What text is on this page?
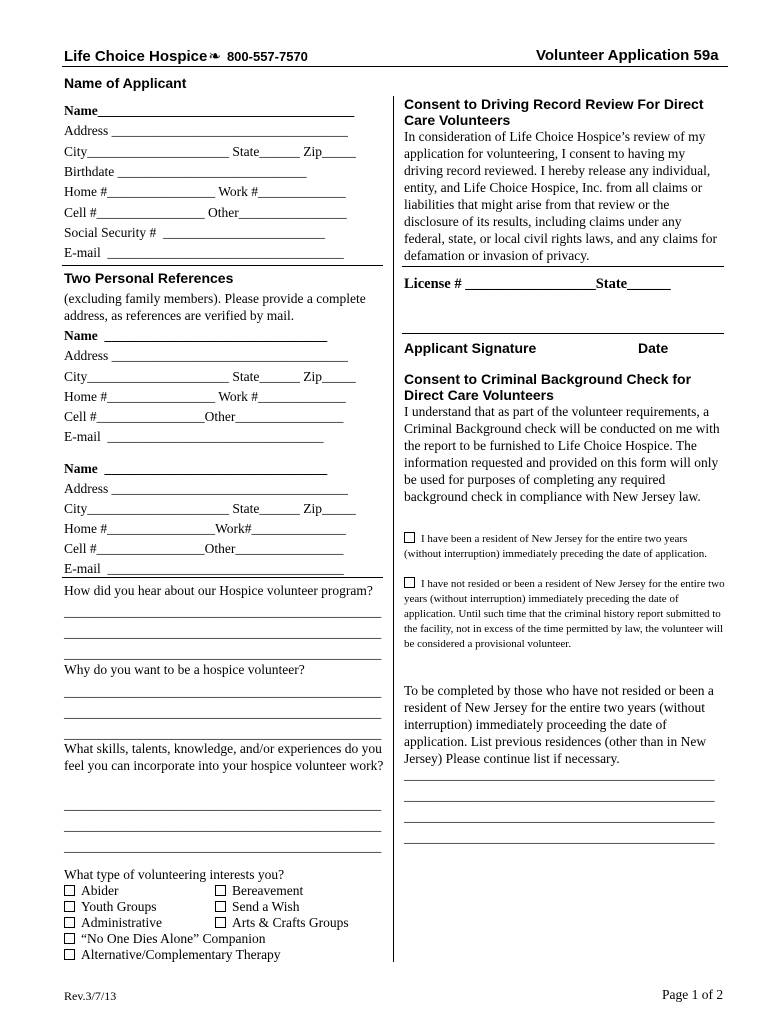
Life Choice Hospice❧ 800-557-7570	Volunteer Application 59a
Name of Applicant
Name______________________________________
Address ___________________________________
City_____________________ State______ Zip_____
Birthdate ____________________________
Home #________________ Work #_____________
Cell #________________ Other________________
Social Security #  ________________________
E-mail  ___________________________________
Two Personal References
(excluding family members). Please provide a complete address, as references are verified by mail.
Name  _________________________________
Address ___________________________________
City_____________________ State______ Zip_____
Home #________________ Work #_____________
Cell #________________Other________________
E-mail  ________________________________
Name  _________________________________
Address ___________________________________
City_____________________ State______ Zip_____
Home #________________Work#______________
Cell #________________Other________________
E-mail  ___________________________________
How did you hear about our Hospice volunteer program?
_______________________________________________
_______________________________________________
_______________________________________________
Why do you want to be a hospice volunteer?
_______________________________________________
_______________________________________________
_______________________________________________
What skills, talents, knowledge, and/or experiences do you feel you can incorporate into your hospice volunteer work?
_______________________________________________
_______________________________________________
_______________________________________________
What type of volunteering interests you?
Abider	Bereavement
Youth Groups	Send a Wish
Administrative	Arts & Crafts Groups
“No One Dies Alone” Companion
Alternative/Complementary Therapy
Consent to Driving Record Review For Direct
Care Volunteers
In consideration of Life Choice Hospice’s review of my application for volunteering, I consent to having my driving record reviewed. I hereby release any individual, entity, and Life Choice Hospice, Inc. from all claims or liabilities that might arise from that review or the disclosure of its results, including claims under any federal, state, or local civil rights laws, and any claims for defamation or invasion of privacy.
License # __________________State______
Applicant Signature	Date
Consent to Criminal Background Check for
Direct Care Volunteers
I understand that as part of the volunteer requirements, a Criminal Background check will be conducted on me with the report to be furnished to Life Choice Hospice. The information requested and provided on this form will only be used for purposes of completing any required background check in compliance with New Jersey law.
I have been a resident of New Jersey for the entire two years (without interruption) immediately preceding the date of application.
I have not resided or been a resident of New Jersey for the entire two years (without interruption) immediately preceding the date of application. Until such time that the criminal history report submitted to the facility, not in excess of the time permitted by law, the volunteer will be considered a provisional volunteer.
To be completed by those who have not resided or been a resident of New Jersey for the entire two years (without interruption) immediately proceeding the date of application. List previous residences (other than in New Jersey) Please continue list if necessary.
______________________________________________
______________________________________________
______________________________________________
______________________________________________
Rev.3/7/13	Page 1 of 2
